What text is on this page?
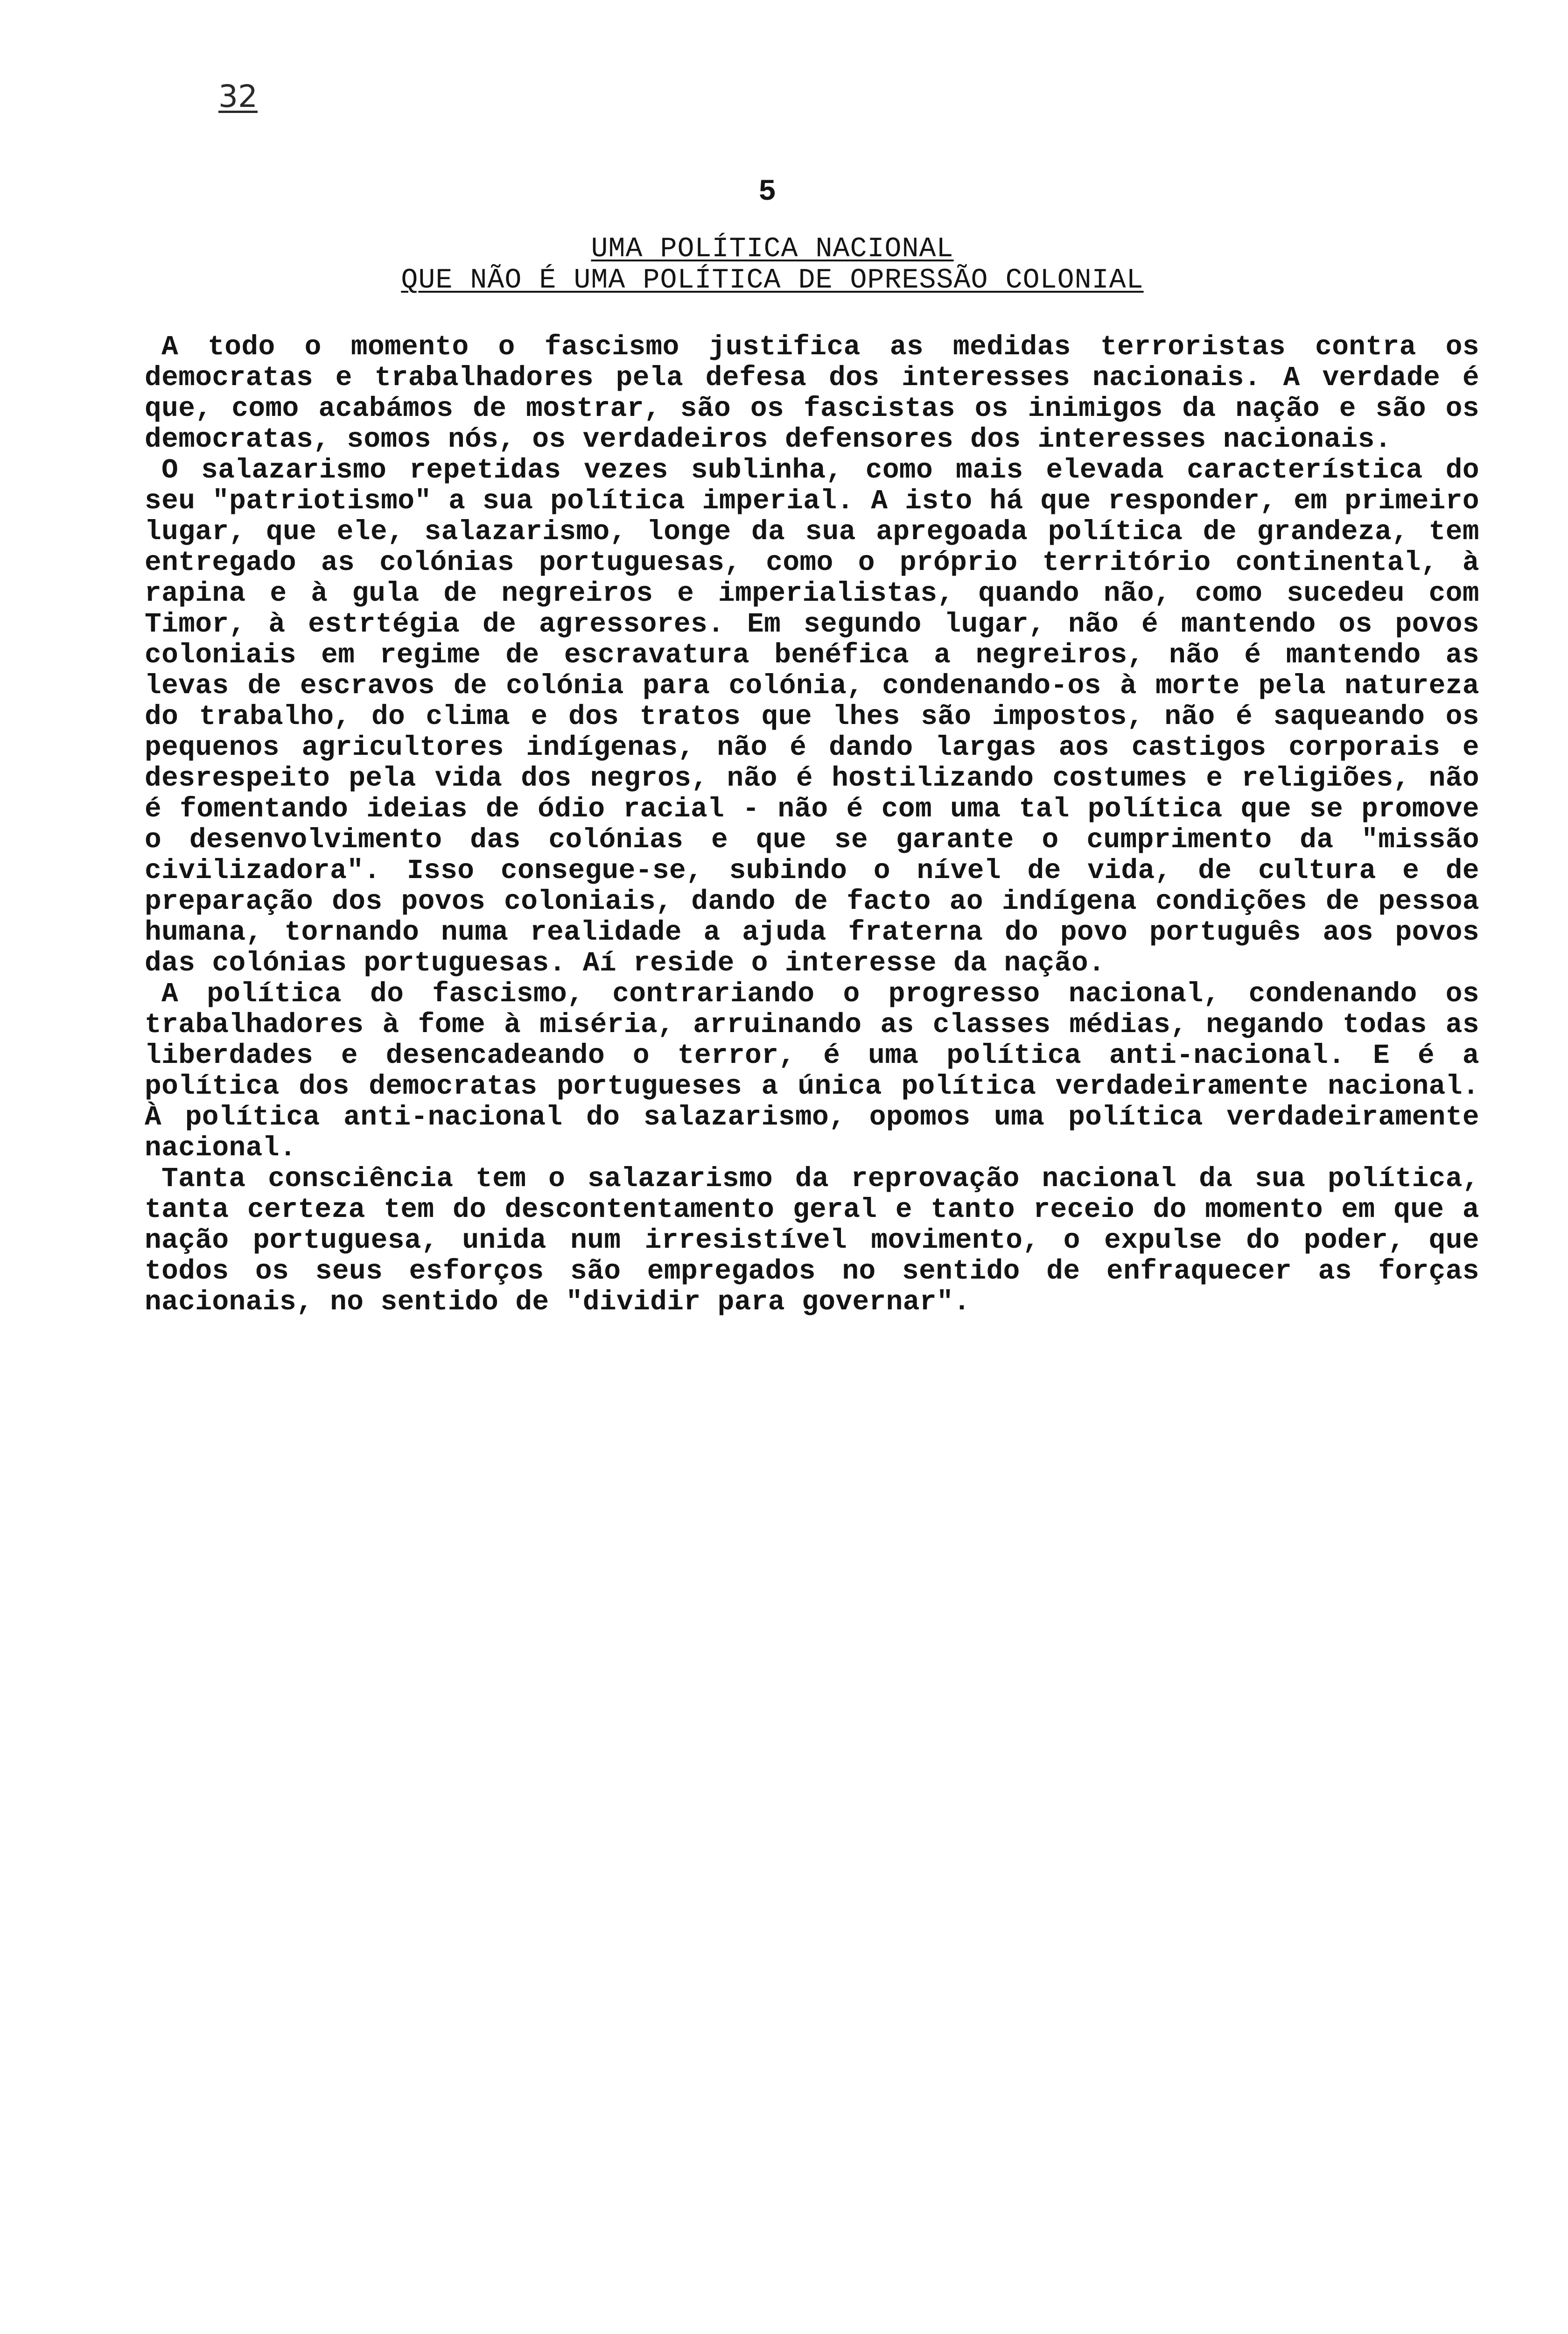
32
5
UMA POLÍTICA NACIONAL
QUE NÃO É UMA POLÍTICA DE OPRESSÃO COLONIAL

A todo o momento o fascismo justifica as medidas terroristas contra os democratas e trabalhadores pela defesa dos interesses nacionais. A verdade é que, como acabámos de mostrar, são os fascistas os inimigos da nação e são os democratas, somos nós, os verdadeiros defensores dos interesses nacionais.

O salazarismo repetidas vezes sublinha, como mais elevada característica do seu "patriotismo" a sua política imperial. A isto há que responder, em primeiro lugar, que ele, salazarismo, longe da sua apregoada política de grandeza, tem entregado as colónias portuguesas, como o próprio território continental, à rapina e à gula de negreiros e imperialistas, quando não, como sucedeu com Timor, à estrtégia de agressores. Em segundo lugar, não é mantendo os povos coloniais em regime de escravatura benéfica a negreiros, não é mantendo as levas de escravos de colónia para colónia, condenando-os à morte pela natureza do trabalho, do clima e dos tratos que lhes são impostos, não é saqueando os pequenos agricultores indígenas, não é dando largas aos castigos corporais e desrespeito pela vida dos negros, não é hostilizando costumes e religiões, não é fomentando ideias de ódio racial - não é com uma tal política que se promove o desenvolvimento das colónias e que se garante o cumprimento da "missão civilizadora". Isso consegue-se, subindo o nível de vida, de cultura e de preparação dos povos coloniais, dando de facto ao indígena condições de pessoa humana, tornando numa realidade a ajuda fraterna do povo português aos povos das colónias portuguesas. Aí reside o interesse da nação.

A política do fascismo, contrariando o progresso nacional, condenando os trabalhadores à fome à miséria, arruinando as classes médias, negando todas as liberdades e desencadeando o terror, é uma política anti-nacional. E é a política dos democratas portugueses a única política verdadeiramente nacional. À política anti-nacional do salazarismo, opomos uma política verdadeiramente nacional.

Tanta consciência tem o salazarismo da reprovação nacional da sua política, tanta certeza tem do descontentamento geral e tanto receio do momento em que a nação portuguesa, unida num irresistível movimento, o expulse do poder, que todos os seus esforços são empregados no sentido de enfraquecer as forças nacionais, no sentido de "dividir para governar".
